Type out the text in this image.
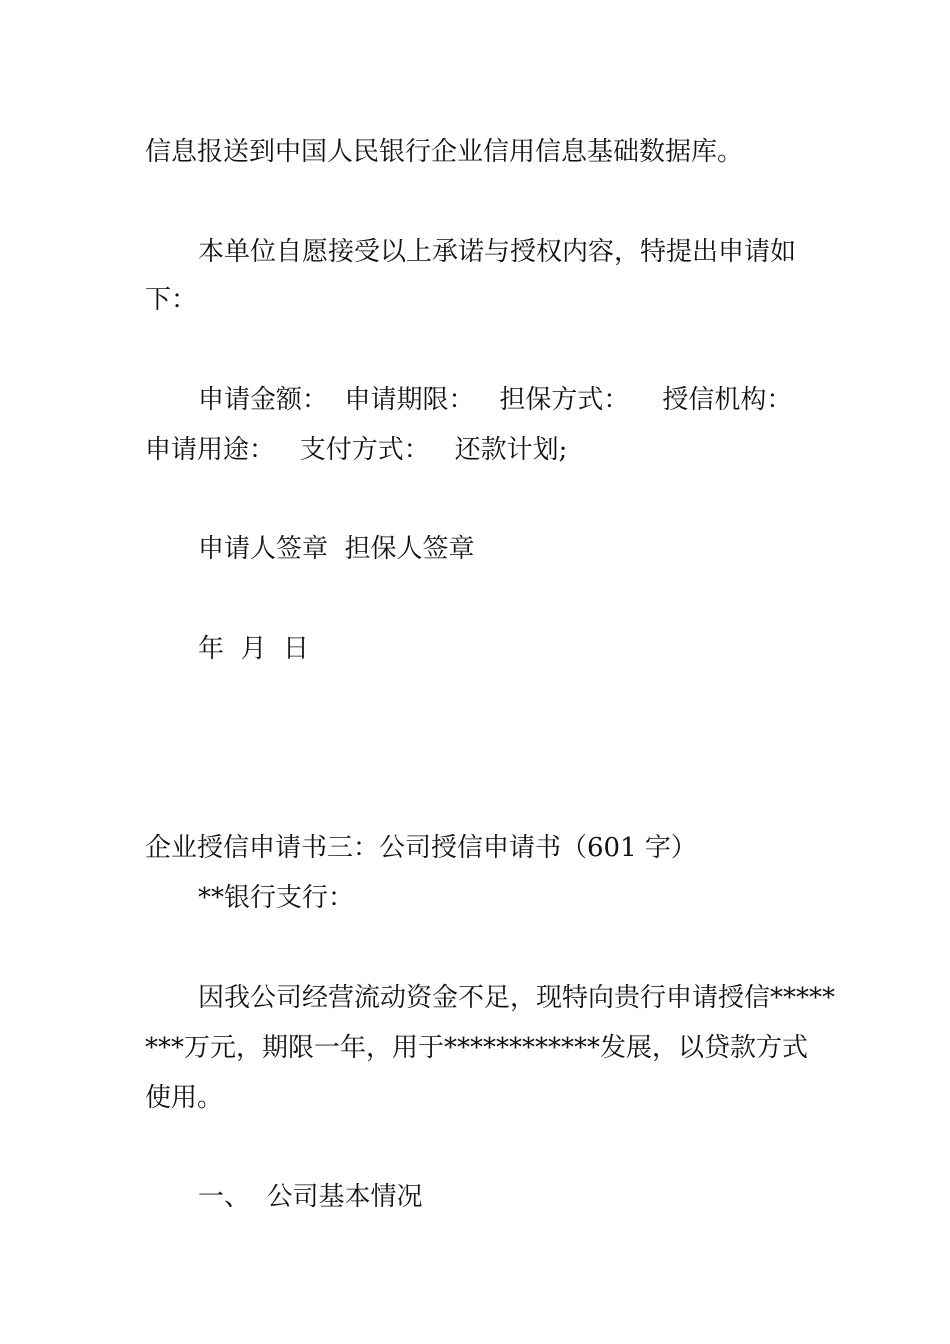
信息报送到中国人民银行企业信用信息基础数据库。
本单位自愿接受以上承诺与授权内容，特提出申请如
下：
申请金额：  申请期限：   担保方式：    授信机构：
申请用途：   支付方式：   还款计划;
申请人签章  担保人签章
年  月  日
企业授信申请书三：公司授信申请书（601 字）
**银行支行：
因我公司经营流动资金不足，现特向贵行申请授信*****
***万元，期限一年，用于************发展，以贷款方式
使用。
一、  公司基本情况
